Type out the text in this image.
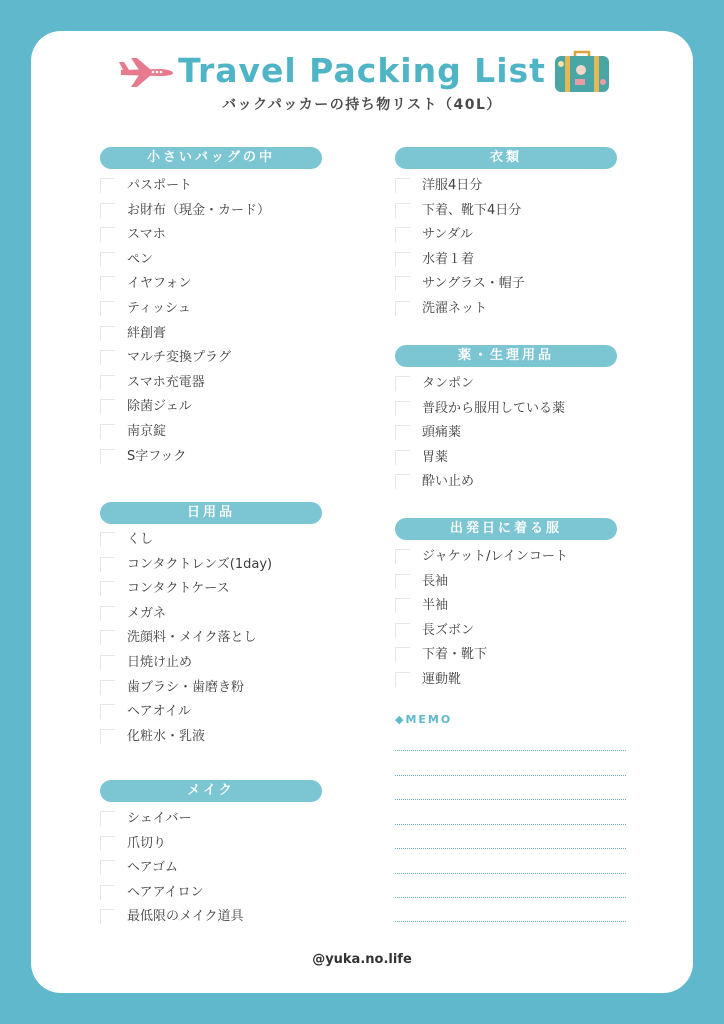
Travel Packing List
バックパッカーの持ち物リスト（40L）
小さいバッグの中
日用品
メイク
衣類
薬・生理用品
出発日に着る服
◆MEMO
@yuka.no.life
パスポート
お財布（現金・カード）
スマホ
ペン
イヤフォン
ティッシュ
絆創膏
マルチ変換プラグ
スマホ充電器
除菌ジェル
南京錠
S字フック
くし
コンタクトレンズ(1day)
コンタクトケース
メガネ
洗顔料・メイク落とし
日焼け止め
歯ブラシ・歯磨き粉
ヘアオイル
化粧水・乳液
シェイバー
爪切り
ヘアゴム
ヘアアイロン
最低限のメイク道具
洋服4日分
下着、靴下4日分
サンダル
水着１着
サングラス・帽子
洗濯ネット
タンポン
普段から服用している薬
頭痛薬
胃薬
酔い止め
ジャケット/レインコート
長袖
半袖
長ズボン
下着・靴下
運動靴
